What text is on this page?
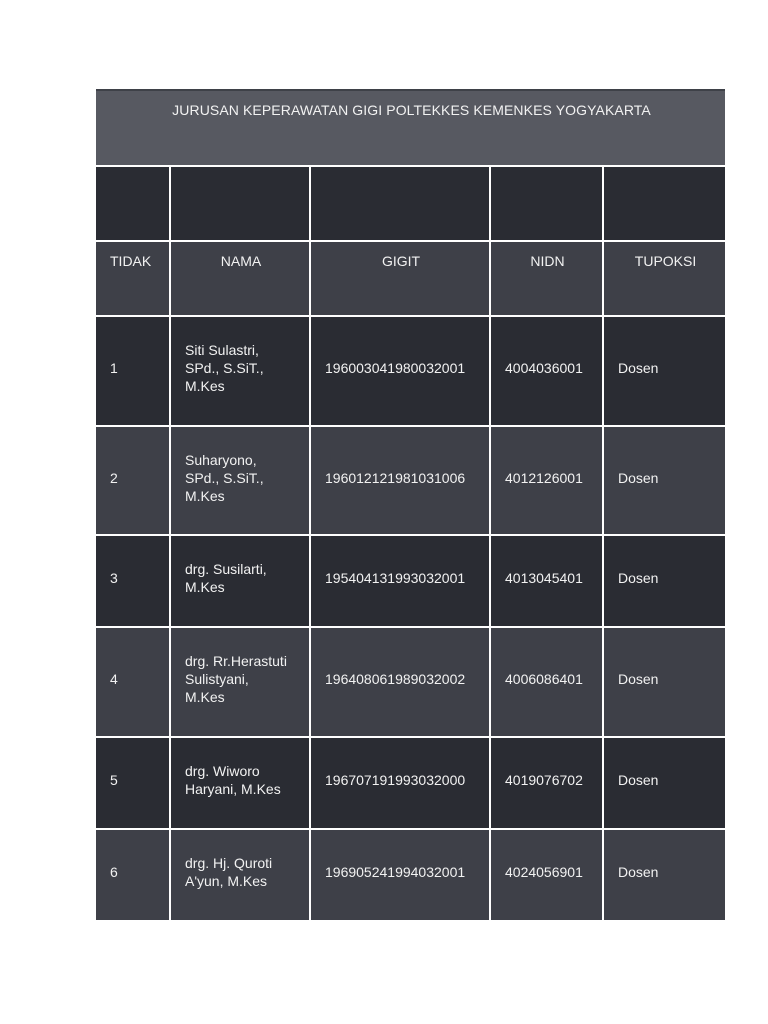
JURUSAN KEPERAWATAN GIGI POLTEKKES KEMENKES YOGYAKARTA				

TIDAK	NAMA	GIGIT	NIDN	TUPOKSI
1	Siti Sulastri,
SPd., S.SiT.,
M.Kes	196003041980032001	4004036001	Dosen
2	Suharyono,
SPd., S.SiT.,
M.Kes	196012121981031006	4012126001	Dosen
3	drg. Susilarti,
M.Kes	195404131993032001	4013045401	Dosen
4	drg. Rr.Herastuti
Sulistyani,
M.Kes	196408061989032002	4006086401	Dosen
5	drg. Wiworo
Haryani, M.Kes	196707191993032000	4019076702	Dosen
6	drg. Hj. Quroti
A'yun, M.Kes	196905241994032001	4024056901	Dosen
